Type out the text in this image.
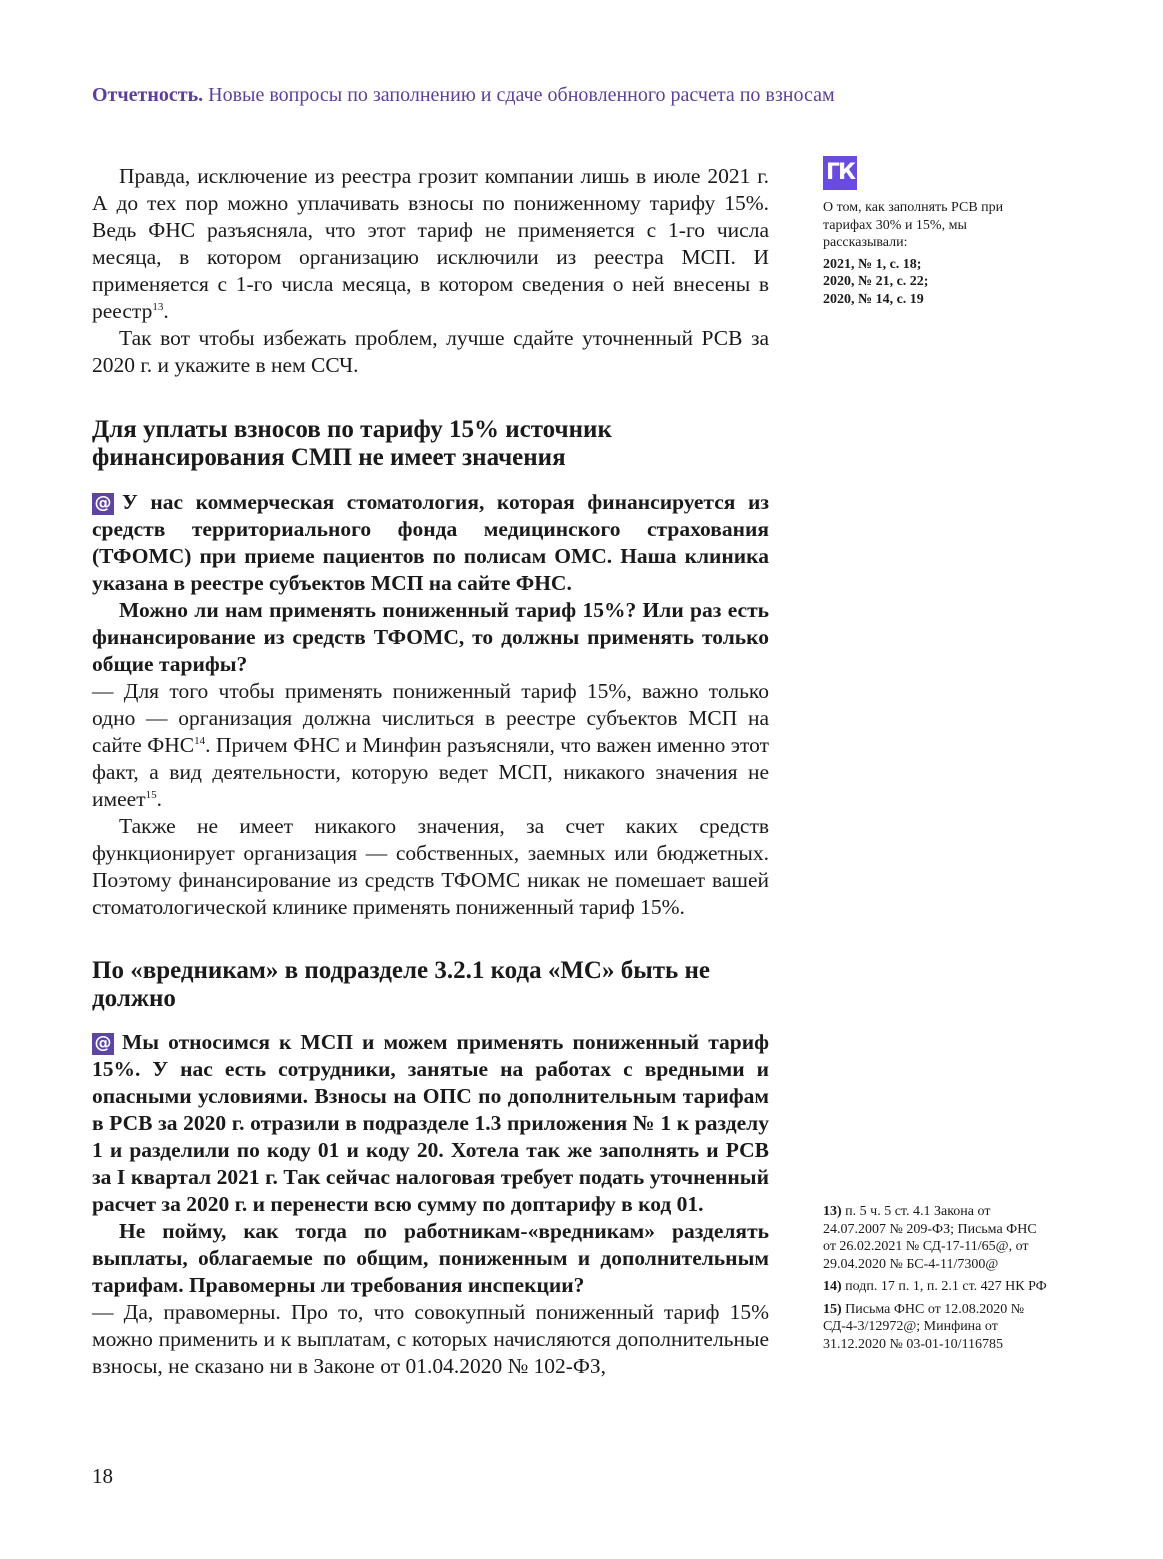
Отчетность. Новые вопросы по заполнению и сдаче обновленного расчета по взносам

Правда, исключение из реестра грозит компании лишь в июле 2021 г. А до тех пор можно уплачивать взносы по пониженному тарифу 15%. Ведь ФНС разъясняла, что этот тариф не применяется с 1-го числа месяца, в котором организацию исключили из реестра МСП. И применяется с 1-го числа месяца, в котором сведения о ней внесены в реестр$^{13}$.

Так вот чтобы избежать проблем, лучше сдайте уточненный РСВ за 2020 г. и укажите в нем ССЧ.

Для уплаты взносов по тарифу 15% источник финансирования СМП не имеет значения

@ У нас коммерческая стоматология, которая финансируется из средств территориального фонда медицинского страхования (ТФОМС) при приеме пациентов по полисам ОМС. Наша клиника указана в реестре субъектов МСП на сайте ФНС.

Можно ли нам применять пониженный тариф 15%? Или раз есть финансирование из средств ТФОМС, то должны применять только общие тарифы?

— Для того чтобы применять пониженный тариф 15%, важно только одно — организация должна числиться в реестре субъектов МСП на сайте ФНС$^{14}$. Причем ФНС и Минфин разъясняли, что важен именно этот факт, а вид деятельности, которую ведет МСП, никакого значения не имеет$^{15}$.

Также не имеет никакого значения, за счет каких средств функционирует организация — собственных, заемных или бюджетных. Поэтому финансирование из средств ТФОМС никак не помешает вашей стоматологической клинике применять пониженный тариф 15%.

По «вредникам» в подразделе 3.2.1 кода «МС» быть не должно

@ Мы относимся к МСП и можем применять пониженный тариф 15%. У нас есть сотрудники, занятые на работах с вредными и опасными условиями. Взносы на ОПС по дополнительным тарифам в РСВ за 2020 г. отразили в подразделе 1.3 приложения № 1 к разделу 1 и разделили по коду 01 и коду 20. Хотела так же заполнять и РСВ за I квартал 2021 г. Так сейчас налоговая требует подать уточненный расчет за 2020 г. и перенести всю сумму по доптарифу в код 01.

Не пойму, как тогда по работникам-«вредникам» разделять выплаты, облагаемые по общим, пониженным и дополнительным тарифам. Правомерны ли требования инспекции?

— Да, правомерны. Про то, что совокупный пониженный тариф 15% можно применить и к выплатам, с которых начисляются дополнительные взносы, не сказано ни в Законе от 01.04.2020 № 102-ФЗ,

ГК
О том, как заполнять РСВ при тарифах 30% и 15%, мы рассказывали:
2021, № 1, с. 18;
2020, № 21, с. 22;
2020, № 14, с. 19

13) п. 5 ч. 5 ст. 4.1 Закона от 24.07.2007 № 209-ФЗ; Письма ФНС от 26.02.2021 № СД-17-11/65@, от 29.04.2020 № БС-4-11/7300@

14) подп. 17 п. 1, п. 2.1 ст. 427 НК РФ

15) Письма ФНС от 12.08.2020 № СД-4-3/12972@; Минфина от 31.12.2020 № 03-01-10/116785

18
